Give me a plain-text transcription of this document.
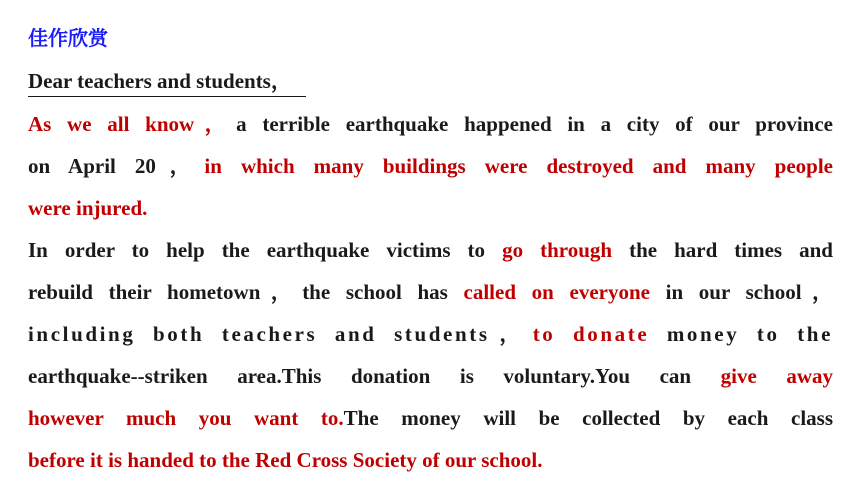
佳作欣赏
Dear teachers and students，
As we all know，a terrible earthquake happened in a city of our province
on April 20，in which many buildings were destroyed and many people
were injured.
In order to help the earthquake victims to go through the hard times and
rebuild their hometown，the school has called on everyone in our school，
including both teachers and students，to donate money to the
earthquake--striken area.This donation is voluntary.You can give away
however much you want to.The money will be collected by each class
before it is handed to the Red Cross Society of our school.
